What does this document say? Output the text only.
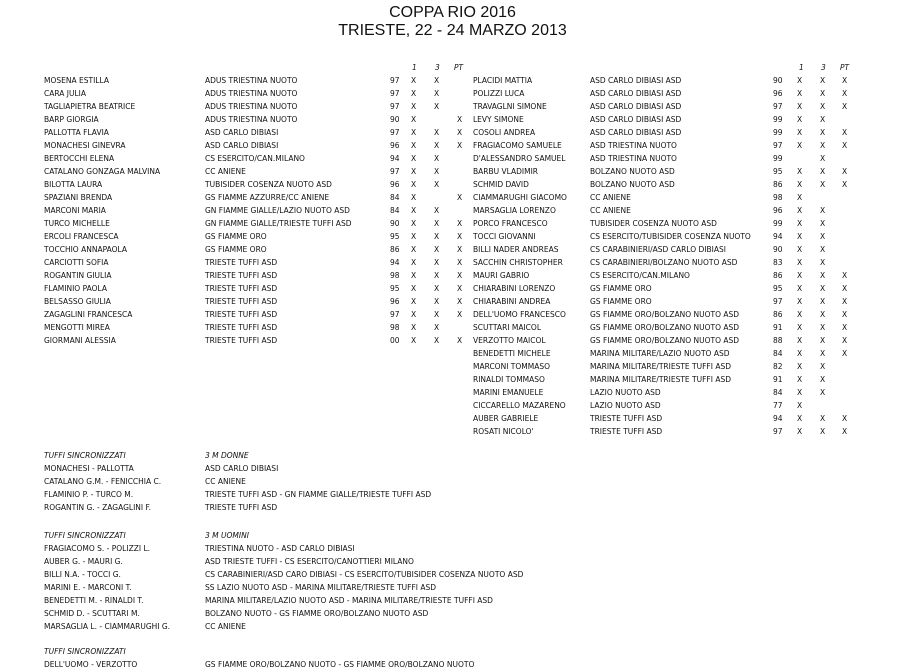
COPPA RIO 2016
TRIESTE, 22 - 24 MARZO 2013
1 3 PT	1 3 PT
MOSENA ESTILLA	ADUS TRIESTINA NUOTO	97 X X
CARA JULIA	ADUS TRIESTINA NUOTO	97 X X
TAGLIAPIETRA BEATRICE	ADUS TRIESTINA NUOTO	97 X X
BARP GIORGIA	ADUS TRIESTINA NUOTO	90 X	X
PALLOTTA FLAVIA	ASD CARLO DIBIASI	97 X X X
MONACHESI GINEVRA	ASD CARLO DIBIASI	96 X X X
BERTOCCHI ELENA	CS ESERCITO/CAN.MILANO	94 X X
CATALANO GONZAGA MALVINA	CC ANIENE	97 X X
BILOTTA LAURA	TUBISIDER COSENZA NUOTO ASD	96 X X
SPAZIANI BRENDA	GS FIAMME AZZURRE/CC ANIENE	84 X	X
MARCONI MARIA	GN FIAMME GIALLE/LAZIO NUOTO ASD	84 X X
TURCO MICHELLE	GN FIAMME GIALLE/TRIESTE TUFFI ASD	90 X X X
ERCOLI FRANCESCA	GS FIAMME ORO	95 X X X
TOCCHIO ANNAPAOLA	GS FIAMME ORO	86 X X X
CARCIOTTI SOFIA	TRIESTE TUFFI ASD	94 X X X
ROGANTIN GIULIA	TRIESTE TUFFI ASD	98 X X X
FLAMINIO PAOLA	TRIESTE TUFFI ASD	95 X X X
BELSASSO GIULIA	TRIESTE TUFFI ASD	96 X X X
ZAGAGLINI FRANCESCA	TRIESTE TUFFI ASD	97 X X X
MENGOTTI MIREA	TRIESTE TUFFI ASD	98 X X
GIORMANI ALESSIA	TRIESTE TUFFI ASD	00 X X X
PLACIDI MATTIA	ASD CARLO DIBIASI ASD	90 X X X
POLIZZI LUCA	ASD CARLO DIBIASI ASD	96 X X X
TRAVAGLNI SIMONE	ASD CARLO DIBIASI ASD	97 X X X
LEVY SIMONE	ASD CARLO DIBIASI ASD	99 X X
COSOLI ANDREA	ASD CARLO DIBIASI ASD	99 X X X
FRAGIACOMO SAMUELE	ASD TRIESTINA NUOTO	97 X X X
D'ALESSANDRO SAMUEL	ASD TRIESTINA NUOTO	99	X
BARBU VLADIMIR	BOLZANO NUOTO ASD	95 X X X
SCHMID DAVID	BOLZANO NUOTO ASD	86 X X X
CIAMMARUGHI GIACOMO	CC ANIENE	98 X
MARSAGLIA LORENZO	CC ANIENE	96 X X
PORCO FRANCESCO	TUBISIDER COSENZA NUOTO ASD	99 X X
TOCCI GIOVANNI	CS ESERCITO/TUBISIDER COSENZA NUOTO	94 X X
BILLI NADER ANDREAS	CS CARABINIERI/ASD CARLO DIBIASI	90 X X
SACCHIN CHRISTOPHER	CS CARABINIERI/BOLZANO NUOTO ASD	83 X X
MAURI GABRIO	CS ESERCITO/CAN.MILANO	86 X X X
CHIARABINI LORENZO	GS FIAMME ORO	95 X X X
CHIARABINI ANDREA	GS FIAMME ORO	97 X X X
DELL'UOMO FRANCESCO	GS FIAMME ORO/BOLZANO NUOTO ASD	86 X X X
SCUTTARI MAICOL	GS FIAMME ORO/BOLZANO NUOTO ASD	91 X X X
VERZOTTO MAICOL	GS FIAMME ORO/BOLZANO NUOTO ASD	88 X X X
BENEDETTI MICHELE	MARINA MILITARE/LAZIO NUOTO ASD	84 X X X
MARCONI TOMMASO	MARINA MILITARE/TRIESTE TUFFI ASD	82 X X
RINALDI TOMMASO	MARINA MILITARE/TRIESTE TUFFI ASD	91 X X
MARINI EMANUELE	LAZIO NUOTO ASD	84 X X
CICCARELLO MAZARENO	LAZIO NUOTO ASD	77 X
AUBER GABRIELE	TRIESTE TUFFI ASD	94 X X X
ROSATI NICOLO'	TRIESTE TUFFI ASD	97 X X X
TUFFI SINCRONIZZATI	3 M DONNE
MONACHESI - PALLOTTA	ASD CARLO DIBIASI
CATALANO G.M. - FENICCHIA C.	CC ANIENE
FLAMINIO P. - TURCO M.	TRIESTE TUFFI ASD - GN FIAMME GIALLE/TRIESTE TUFFI ASD
ROGANTIN G. - ZAGAGLINI F.	TRIESTE TUFFI ASD
TUFFI SINCRONIZZATI	3 M UOMINI
FRAGIACOMO S. - POLIZZI L.	TRIESTINA NUOTO - ASD CARLO DIBIASI
AUBER G. - MAURI G.	ASD TRIESTE TUFFI - CS ESERCITO/CANOTTIERI MILANO
BILLI N.A. - TOCCI G.	CS CARABINIERI/ASD CARO DIBIASI - CS ESERCITO/TUBISIDER COSENZA NUOTO ASD
MARINI E. - MARCONI T.	SS LAZIO NUOTO ASD - MARINA MILITARE/TRIESTE TUFFI ASD
BENEDETTI M. - RINALDI T.	MARINA MILITARE/LAZIO NUOTO ASD - MARINA MILITARE/TRIESTE TUFFI ASD
SCHMID D. - SCUTTARI M.	BOLZANO NUOTO - GS FIAMME ORO/BOLZANO NUOTO ASD
MARSAGLIA L. - CIAMMARUGHI G.	CC ANIENE
TUFFI SINCRONIZZATI
DELL'UOMO - VERZOTTO	GS FIAMME ORO/BOLZANO NUOTO - GS FIAMME ORO/BOLZANO NUOTO
